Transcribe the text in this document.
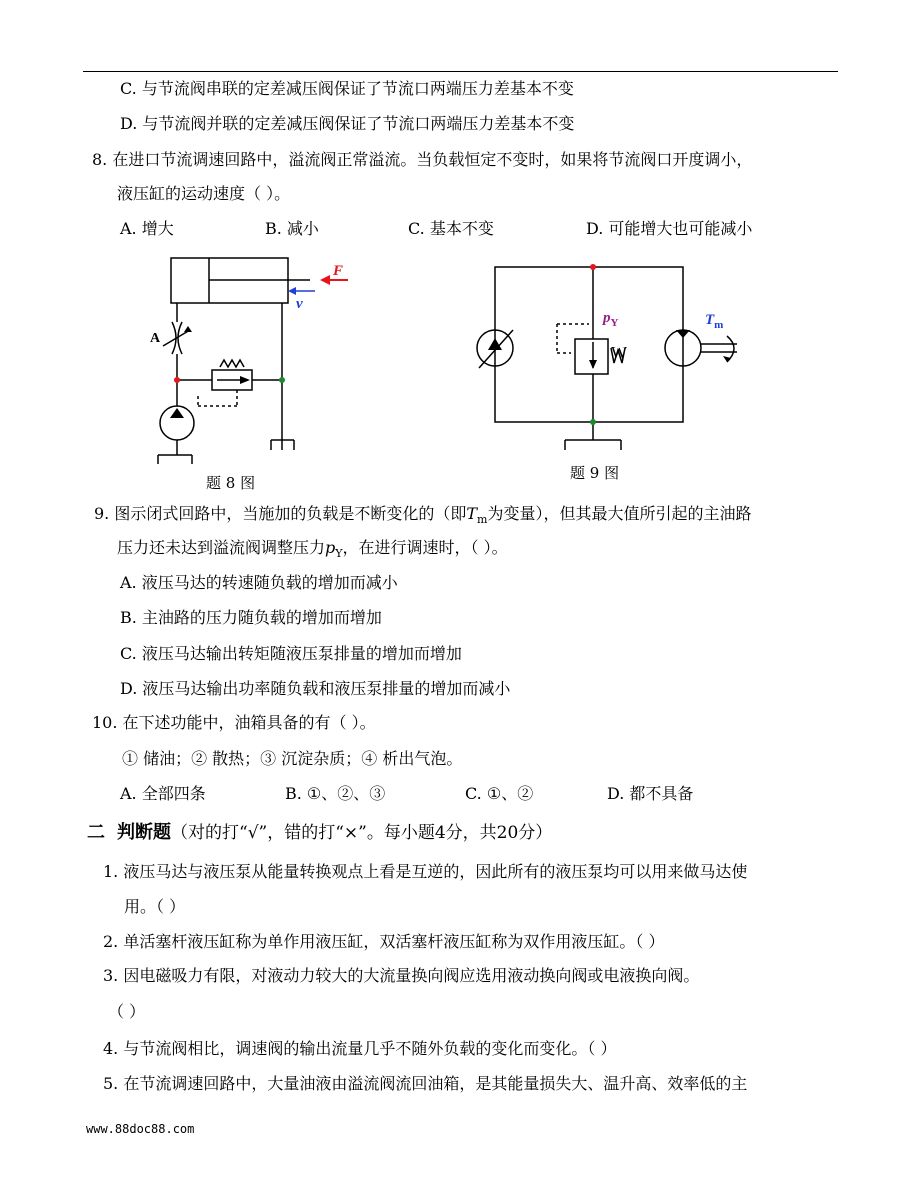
C. 与节流阀串联的定差减压阀保证了节流口两端压力差基本不变
D. 与节流阀并联的定差减压阀保证了节流口两端压力差基本不变
8. 在进口节流调速回路中，溢流阀正常溢流。当负载恒定不变时，如果将节流阀口开度调小，
液压缸的运动速度（ ）。
A. 增大	B. 减小	C. 基本不变	D. 可能增大也可能减小
F
v
A
题 8 图
$p_Y$	$T_m$
W
题 9 图
9. 图示闭式回路中，当施加的负载是不断变化的（即$T_m$为变量），但其最大值所引起的主油路
压力还未达到溢流阀调整压力$p_Y$，在进行调速时，（ ）。
A. 液压马达的转速随负载的增加而减小
B. 主油路的压力随负载的增加而增加
C. 液压马达输出转矩随液压泵排量的增加而增加
D. 液压马达输出功率随负载和液压泵排量的增加而减小
10. 在下述功能中，油箱具备的有（ ）。
① 储油；② 散热；③ 沉淀杂质；④ 析出气泡。
A. 全部四条	B. ①、②、③	C. ①、②	D. 都不具备
二 判断题（对的打“√”，错的打“×”。每小题4分，共20分）
1. 液压马达与液压泵从能量转换观点上看是互逆的，因此所有的液压泵均可以用来做马达使
用。（ ）
2. 单活塞杆液压缸称为单作用液压缸，双活塞杆液压缸称为双作用液压缸。（ ）
3. 因电磁吸力有限，对液动力较大的大流量换向阀应选用液动换向阀或电液换向阀。
（ ）
4. 与节流阀相比，调速阀的输出流量几乎不随外负载的变化而变化。（ ）
5. 在节流调速回路中，大量油液由溢流阀流回油箱，是其能量损失大、温升高、效率低的主
www.88doc88.com
